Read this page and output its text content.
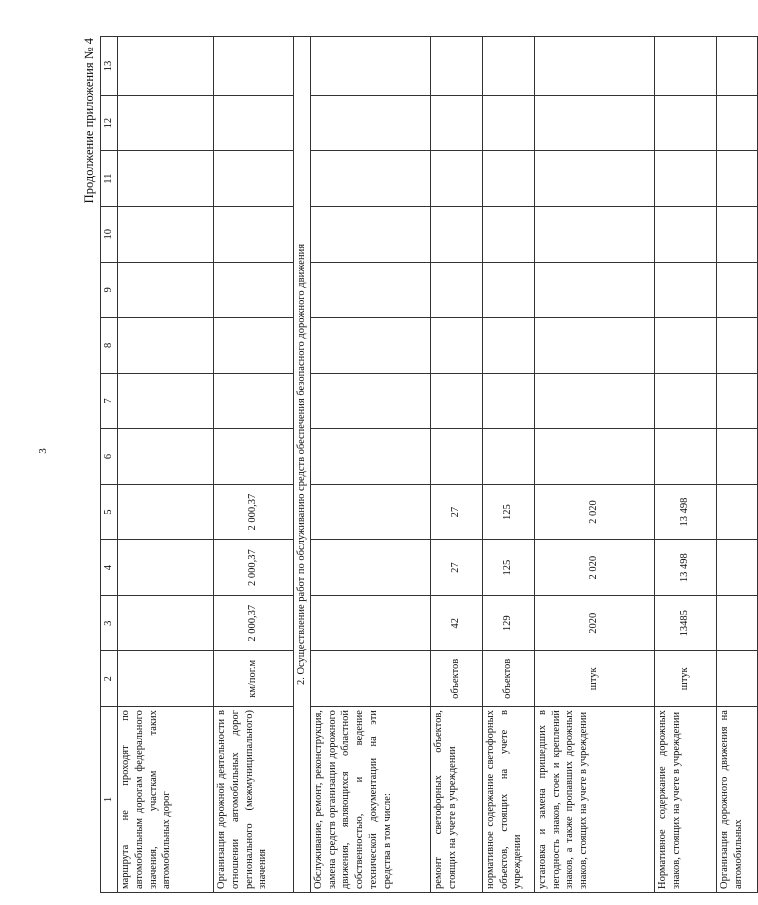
3
Продолжение приложения № 4
1	2	3	4	5	6	7	8	9	10	11	12	13
маршрута не проходят по автомобильным дорогам федерального значения, участкам таких автомобильных дорог												
Организация дорожной деятельности в отношении автомобильных дорог регионального (межмуниципального) значения	км/пог.м	2 000,37	2 000,37	2 000,37								
2. Осуществление работ по обслуживанию средств обеспечения безопасного дорожного движения												
Обслуживание, ремонт, реконструкция, замена средств организации дорожного движения, являющихся областной собственностью, и ведение технической документации на эти средства в том числе:												
ремонт светофорных объектов, стоящих на учете в учреждении	объектов	42	27	27								
нормативное содержание светофорных объектов, стоящих на учете в учреждении	объектов	129	125	125								
установка и замена пришедших в негодность знаков, стоек и креплений знаков, а также пропавших дорожных знаков, стоящих на учете в учреждении	штук	2020	2 020	2 020								
Нормативное содержание дорожных знаков, стоящих на учете в учреждении	штук	13485	13 498	13 498								
Организация дорожного движения на автомобильных												
